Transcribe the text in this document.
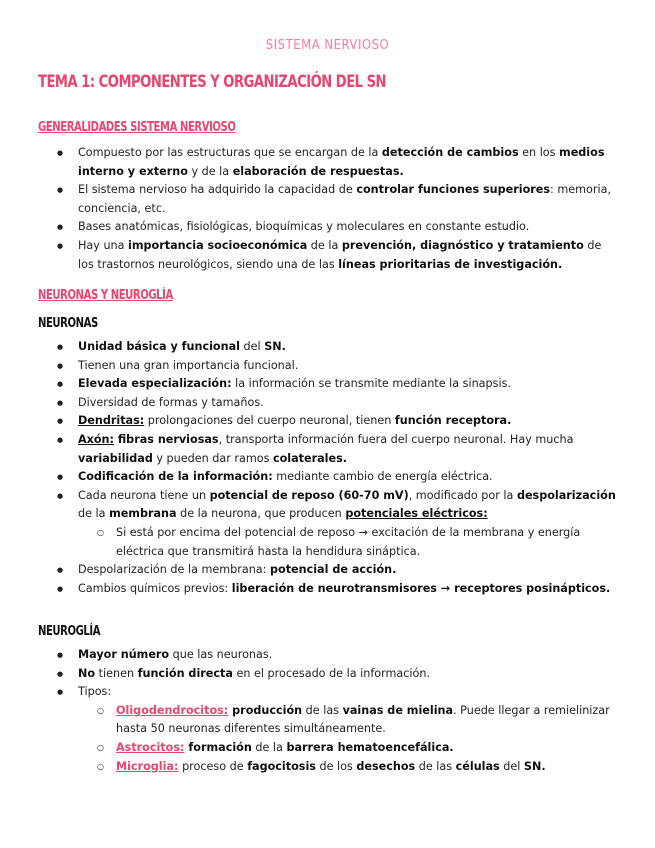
SISTEMA NERVIOSO
TEMA 1: COMPONENTES Y ORGANIZACIÓN DEL SN
GENERALIDADES SISTEMA NERVIOSO
● Compuesto por las estructuras que se encargan de la detección de cambios en los medios interno y externo y de la elaboración de respuestas.
● El sistema nervioso ha adquirido la capacidad de controlar funciones superiores: memoria, conciencia, etc.
● Bases anatómicas, fisiológicas, bioquímicas y moleculares en constante estudio.
● Hay una importancia socioeconómica de la prevención, diagnóstico y tratamiento de los trastornos neurológicos, siendo una de las líneas prioritarias de investigación.
NEURONAS Y NEUROGLÍA
NEURONAS
● Unidad básica y funcional del SN.
● Tienen una gran importancia funcional.
● Elevada especialización: la información se transmite mediante la sinapsis.
● Diversidad de formas y tamaños.
● Dendritas: prolongaciones del cuerpo neuronal, tienen función receptora.
● Axón: fibras nerviosas, transporta información fuera del cuerpo neuronal. Hay mucha variabilidad y pueden dar ramos colaterales.
● Codificación de la información: mediante cambio de energía eléctrica.
● Cada neurona tiene un potencial de reposo (60-70 mV), modificado por la despolarización de la membrana de la neurona, que producen potenciales eléctricos:
○ Si está por encima del potencial de reposo → excitación de la membrana y energía eléctrica que transmitirá hasta la hendidura sináptica.
● Despolarización de la membrana: potencial de acción.
● Cambios químicos previos: liberación de neurotransmisores → receptores posinápticos.
NEUROGLÍA
● Mayor número que las neuronas.
● No tienen función directa en el procesado de la información.
● Tipos:
○ Oligodendrocitos: producción de las vainas de mielina. Puede llegar a remielinizar hasta 50 neuronas diferentes simultáneamente.
○ Astrocitos: formación de la barrera hematoencefálica.
○ Microglia: proceso de fagocitosis de los desechos de las células del SN.
